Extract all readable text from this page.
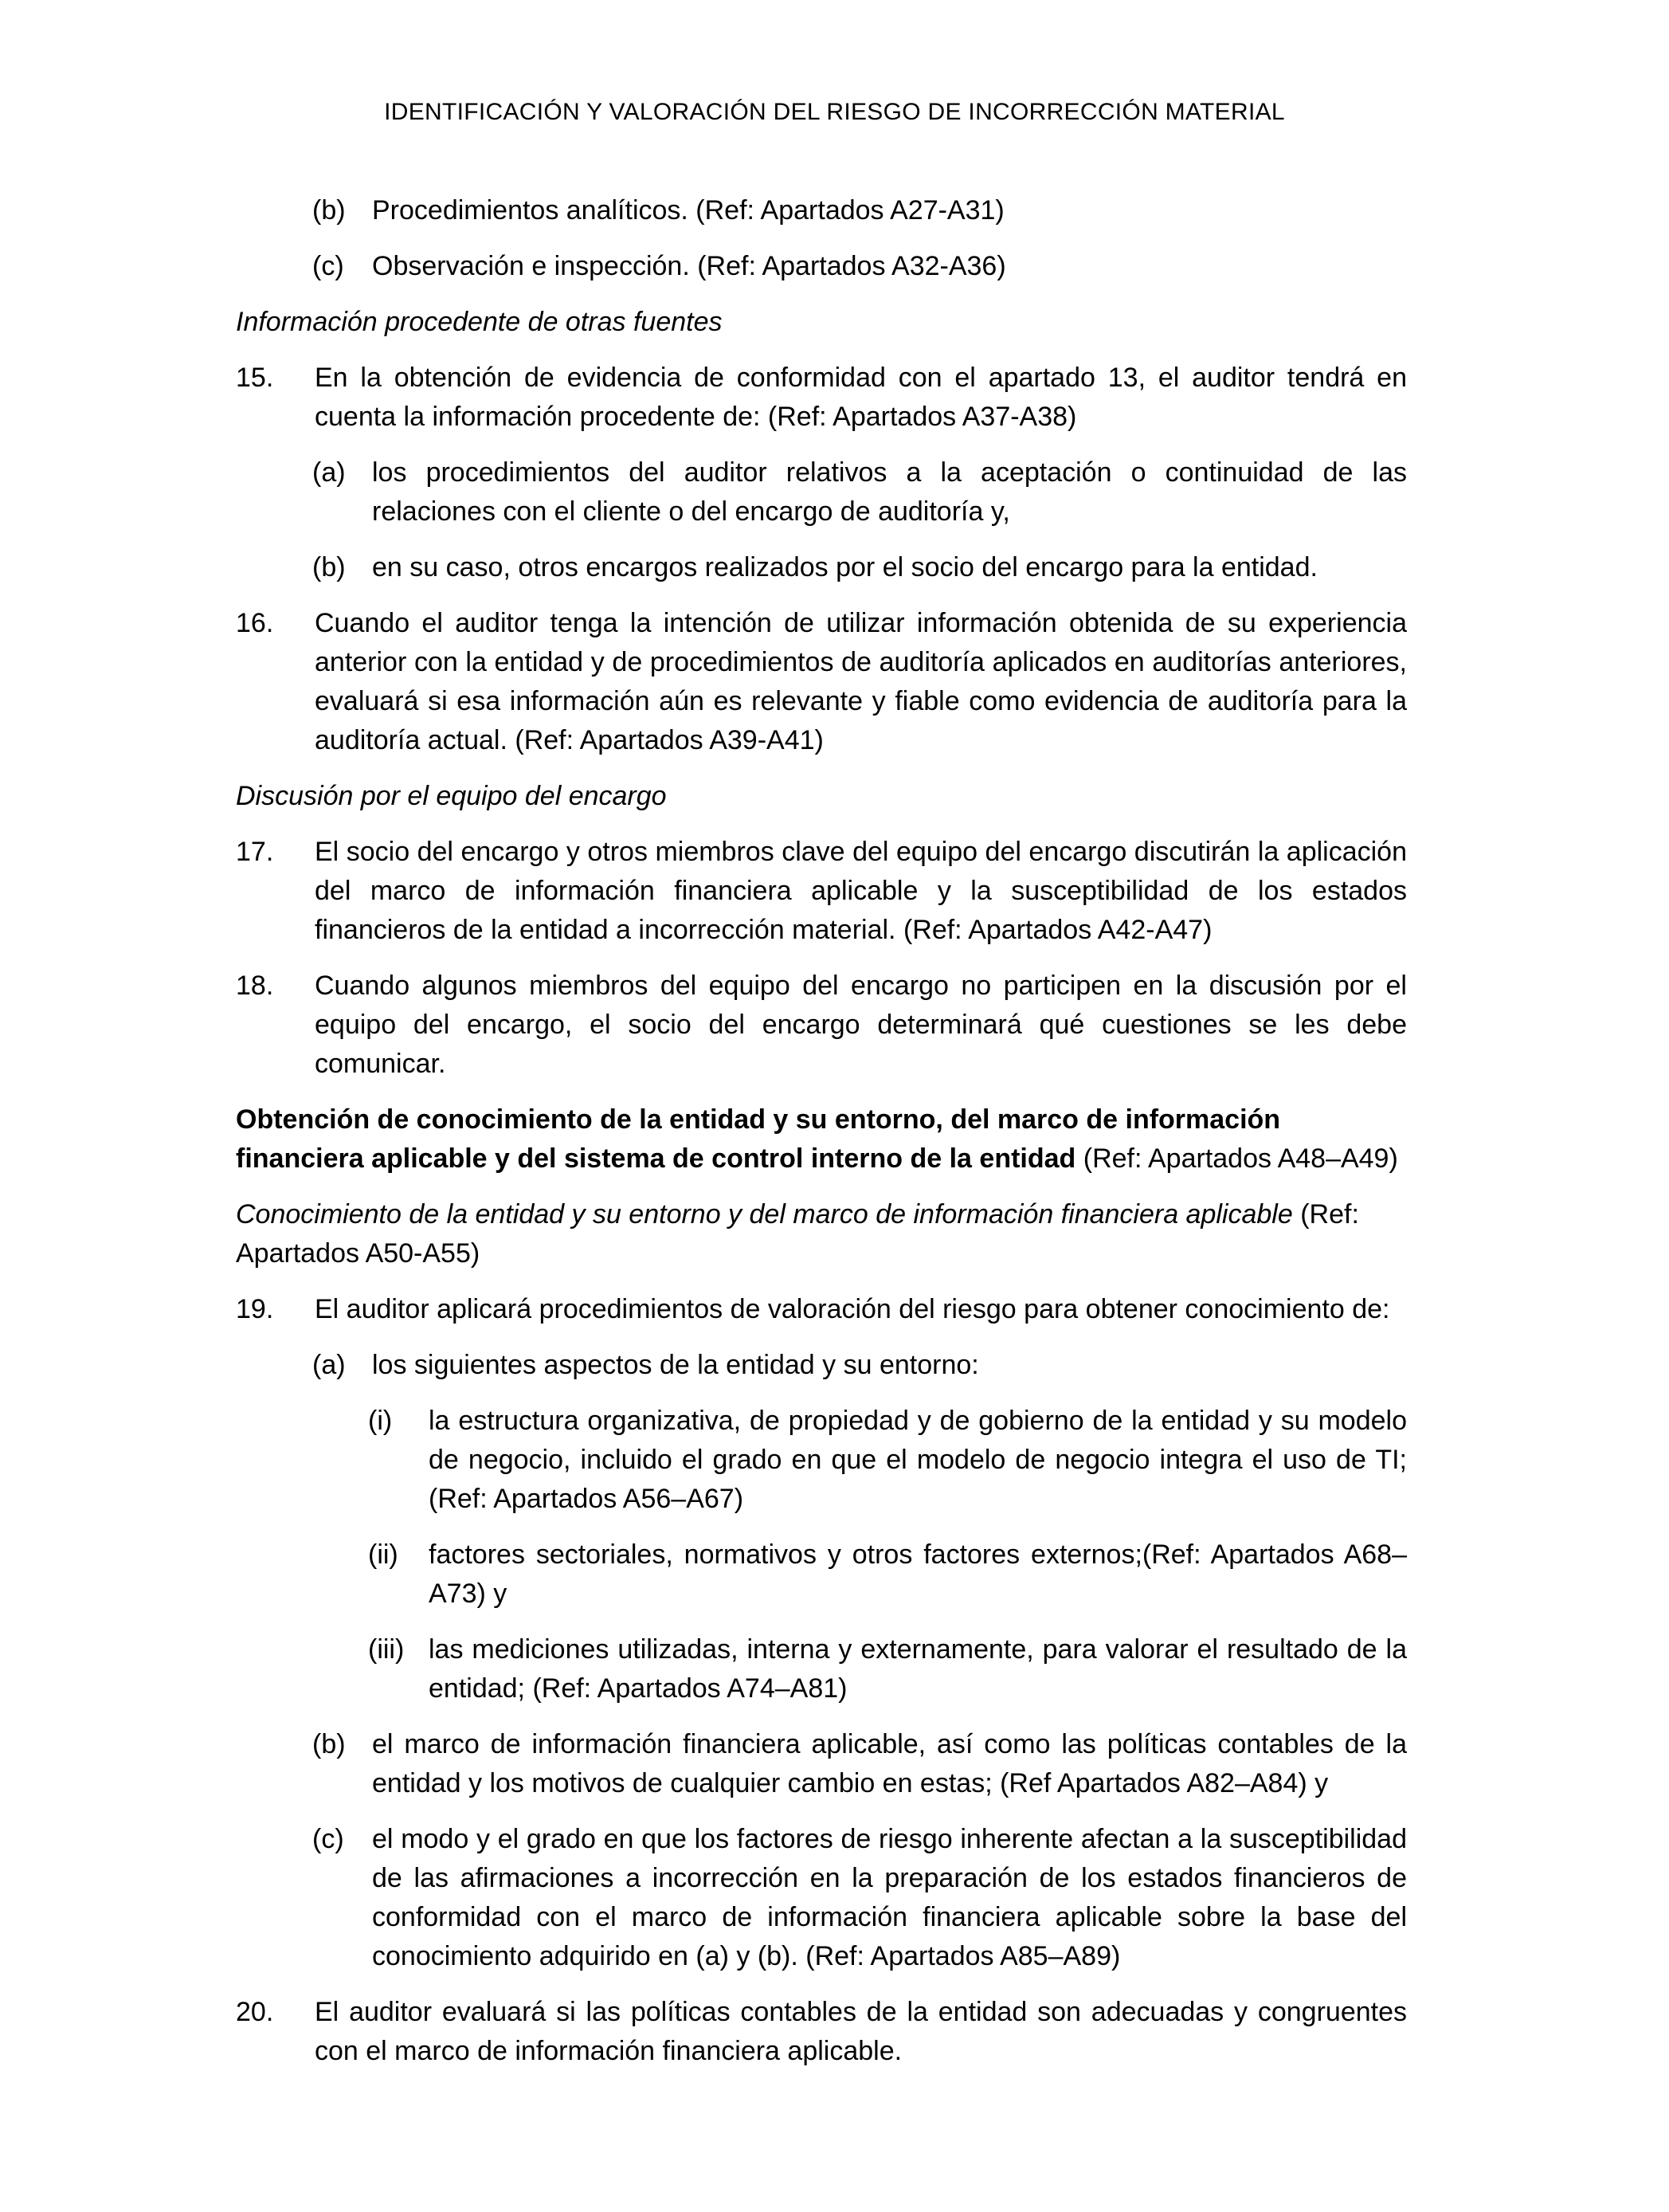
IDENTIFICACIÓN Y VALORACIÓN DEL RIESGO DE INCORRECCIÓN MATERIAL
(b) Procedimientos analíticos. (Ref: Apartados A27-A31)
(c)	Observación e inspección. (Ref: Apartados A32-A36)

Información procedente de otras fuentes

15.	En la obtención de evidencia de conformidad con el apartado 13, el auditor tendrá en cuenta la información procedente de: (Ref: Apartados A37-A38)
(a) los procedimientos del auditor relativos a la aceptación o continuidad de las relaciones con el cliente o del encargo de auditoría y,
(b) en su caso, otros encargos realizados por el socio del encargo para la entidad.
16.	Cuando el auditor tenga la intención de utilizar información obtenida de su experiencia anterior con la entidad y de procedimientos de auditoría aplicados en auditorías anteriores, evaluará si esa información aún es relevante y fiable como evidencia de auditoría para la auditoría actual. (Ref: Apartados A39-A41)

Discusión por el equipo del encargo

17.	El socio del encargo y otros miembros clave del equipo del encargo discutirán la aplicación del marco de información financiera aplicable y la susceptibilidad de los estados financieros de la entidad a incorrección material. (Ref: Apartados A42-A47)
18.	Cuando algunos miembros del equipo del encargo no participen en la discusión por el equipo del encargo, el socio del encargo determinará qué cuestiones se les debe comunicar.

Obtención de conocimiento de la entidad y su entorno, del marco de información financiera aplicable y del sistema de control interno de la entidad (Ref: Apartados A48–A49)

Conocimiento de la entidad y su entorno y del marco de información financiera aplicable (Ref: Apartados A50-A55)

19.	El auditor aplicará procedimientos de valoración del riesgo para obtener conocimiento de:
(a) los siguientes aspectos de la entidad y su entorno:
(i)	la estructura organizativa, de propiedad y de gobierno de la entidad y su modelo de negocio, incluido el grado en que el modelo de negocio integra el uso de TI; (Ref: Apartados A56–A67)
(ii)	factores sectoriales, normativos y otros factores externos;(Ref: Apartados A68–A73) y
(iii) las mediciones utilizadas, interna y externamente, para valorar el resultado de la entidad; (Ref: Apartados A74–A81)
(b) el marco de información financiera aplicable, así como las políticas contables de la entidad y los motivos de cualquier cambio en estas; (Ref Apartados A82–A84) y
(c)	el modo y el grado en que los factores de riesgo inherente afectan a la susceptibilidad de las afirmaciones a incorrección en la preparación de los estados financieros de conformidad con el marco de información financiera aplicable sobre la base del conocimiento adquirido en (a) y (b). (Ref: Apartados A85–A89)
20.	El auditor evaluará si las políticas contables de la entidad son adecuadas y congruentes con el marco de información financiera aplicable.
